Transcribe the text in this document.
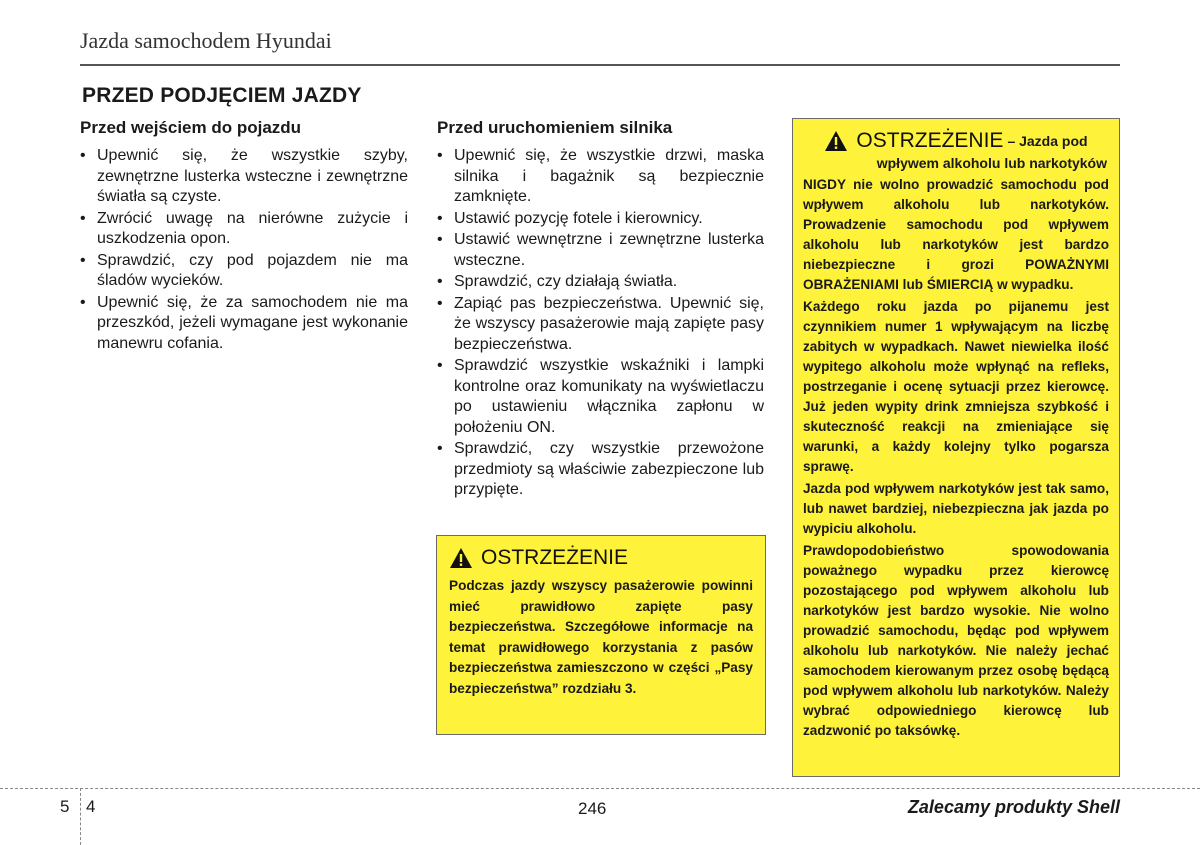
Jazda samochodem Hyundai
PRZED PODJĘCIEM JAZDY
Przed wejściem do pojazdu
• Upewnić się, że wszystkie szyby, zewnętrzne lusterka wsteczne i zewnętrzne światła są czyste.
• Zwrócić uwagę na nierówne zużycie i uszkodzenia opon.
• Sprawdzić, czy pod pojazdem nie ma śladów wycieków.
• Upewnić się, że za samochodem nie ma przeszkód, jeżeli wymagane jest wykonanie manewru cofania.
Przed uruchomieniem silnika
• Upewnić się, że wszystkie drzwi, maska silnika i bagażnik są bezpiecznie zamknięte.
• Ustawić pozycję fotele i kierownicy.
• Ustawić wewnętrzne i zewnętrzne lusterka wsteczne.
• Sprawdzić, czy działają światła.
• Zapiąć pas bezpieczeństwa. Upewnić się, że wszyscy pasażerowie mają zapięte pasy bezpieczeństwa.
• Sprawdzić wszystkie wskaźniki i lampki kontrolne oraz komunikaty na wyświetlaczu po ustawieniu włącznika zapłonu w położeniu ON.
• Sprawdzić, czy wszystkie przewożone przedmioty są właściwie zabezpieczone lub przypięte.
OSTRZEŻENIE

Podczas jazdy wszyscy pasażerowie powinni mieć prawidłowo zapięte pasy bezpieczeństwa. Szczegółowe informacje na temat prawidłowego korzystania z pasów bezpieczeństwa zamieszczono w części „Pasy bezpieczeństwa” rozdziału 3.

OSTRZEŻENIE – Jazda pod
wpływem alkoholu lub narkotyków

NIGDY nie wolno prowadzić samochodu pod wpływem alkoholu lub narkotyków. Prowadzenie samochodu pod wpływem alkoholu lub narkotyków jest bardzo niebezpieczne i grozi POWAŻNYMI OBRAŻENIAMI lub ŚMIERCIĄ w wypadku.

Każdego roku jazda po pijanemu jest czynnikiem numer 1 wpływającym na liczbę zabitych w wypadkach. Nawet niewielka ilość wypitego alkoholu może wpłynąć na refleks, postrzeganie i ocenę sytuacji przez kierowcę. Już jeden wypity drink zmniejsza szybkość i skuteczność reakcji na zmieniające się warunki, a każdy kolejny tylko pogarsza sprawę.

Jazda pod wpływem narkotyków jest tak samo, lub nawet bardziej, niebezpieczna jak jazda po wypiciu alkoholu.

Prawdopodobieństwo spowodowania poważnego wypadku przez kierowcę pozostającego pod wpływem alkoholu lub narkotyków jest bardzo wysokie. Nie wolno prowadzić samochodu, będąc pod wpływem alkoholu lub narkotyków. Nie należy jechać samochodem kierowanym przez osobę będącą pod wpływem alkoholu lub narkotyków. Należy wybrać odpowiedniego kierowcę lub zadzwonić po taksówkę.

5 4	246	Zalecamy produkty Shell
